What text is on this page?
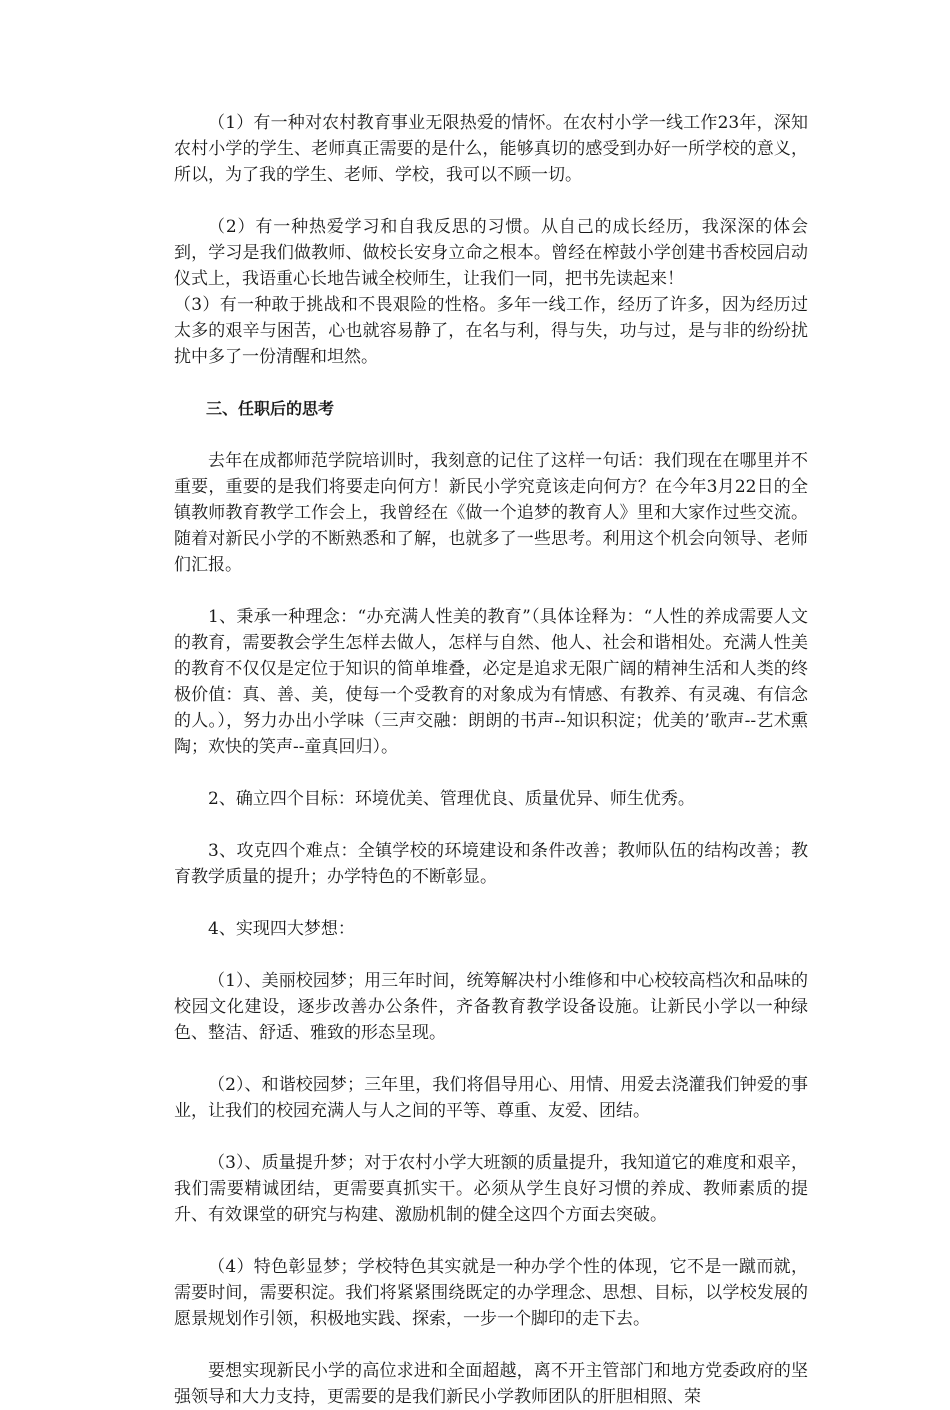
（1）有一种对农村教育事业无限热爱的情怀。在农村小学一线工作23年，深知农村小学的学生、老师真正需要的是什么，能够真切的感受到办好一所学校的意义，所以，为了我的学生、老师、学校，我可以不顾一切。

（2）有一种热爱学习和自我反思的习惯。从自己的成长经历，我深深的体会到，学习是我们做教师、做校长安身立命之根本。曾经在榨鼓小学创建书香校园启动仪式上，我语重心长地告诫全校师生，让我们一同，把书先读起来！

（3）有一种敢于挑战和不畏艰险的性格。多年一线工作，经历了许多，因为经历过太多的艰辛与困苦，心也就容易静了，在名与利，得与失，功与过，是与非的纷纷扰扰中多了一份清醒和坦然。

三、任职后的思考

去年在成都师范学院培训时，我刻意的记住了这样一句话：我们现在在哪里并不重要，重要的是我们将要走向何方！新民小学究竟该走向何方？在今年3月22日的全镇教师教育教学工作会上，我曾经在《做一个追梦的教育人》里和大家作过些交流。随着对新民小学的不断熟悉和了解，也就多了一些思考。利用这个机会向领导、老师们汇报。

1、秉承一种理念：“办充满人性美的教育”（具体诠释为：“人性的养成需要人文的教育，需要教会学生怎样去做人，怎样与自然、他人、社会和谐相处。充满人性美的教育不仅仅是定位于知识的简单堆叠，必定是追求无限广阔的精神生活和人类的终极价值：真、善、美，使每一个受教育的对象成为有情感、有教养、有灵魂、有信念的人。），努力办出小学味（三声交融：朗朗的书声--知识积淀；优美的’歌声--艺术熏陶；欢快的笑声--童真回归）。

2、确立四个目标：环境优美、管理优良、质量优异、师生优秀。

3、攻克四个难点：全镇学校的环境建设和条件改善；教师队伍的结构改善；教育教学质量的提升；办学特色的不断彰显。

4、实现四大梦想：

（1）、美丽校园梦；用三年时间，统筹解决村小维修和中心校较高档次和品味的校园文化建设，逐步改善办公条件，齐备教育教学设备设施。让新民小学以一种绿色、整洁、舒适、雅致的形态呈现。

（2）、和谐校园梦；三年里，我们将倡导用心、用情、用爱去浇灌我们钟爱的事业，让我们的校园充满人与人之间的平等、尊重、友爱、团结。

（3）、质量提升梦；对于农村小学大班额的质量提升，我知道它的难度和艰辛，我们需要精诚团结，更需要真抓实干。必须从学生良好习惯的养成、教师素质的提升、有效课堂的研究与构建、激励机制的健全这四个方面去突破。

（4）特色彰显梦；学校特色其实就是一种办学个性的体现，它不是一蹴而就，需要时间，需要积淀。我们将紧紧围绕既定的办学理念、思想、目标，以学校发展的愿景规划作引领，积极地实践、探索，一步一个脚印的走下去。

要想实现新民小学的高位求进和全面超越，离不开主管部门和地方党委政府的坚强领导和大力支持，更需要的是我们新民小学教师团队的肝胆相照、荣
